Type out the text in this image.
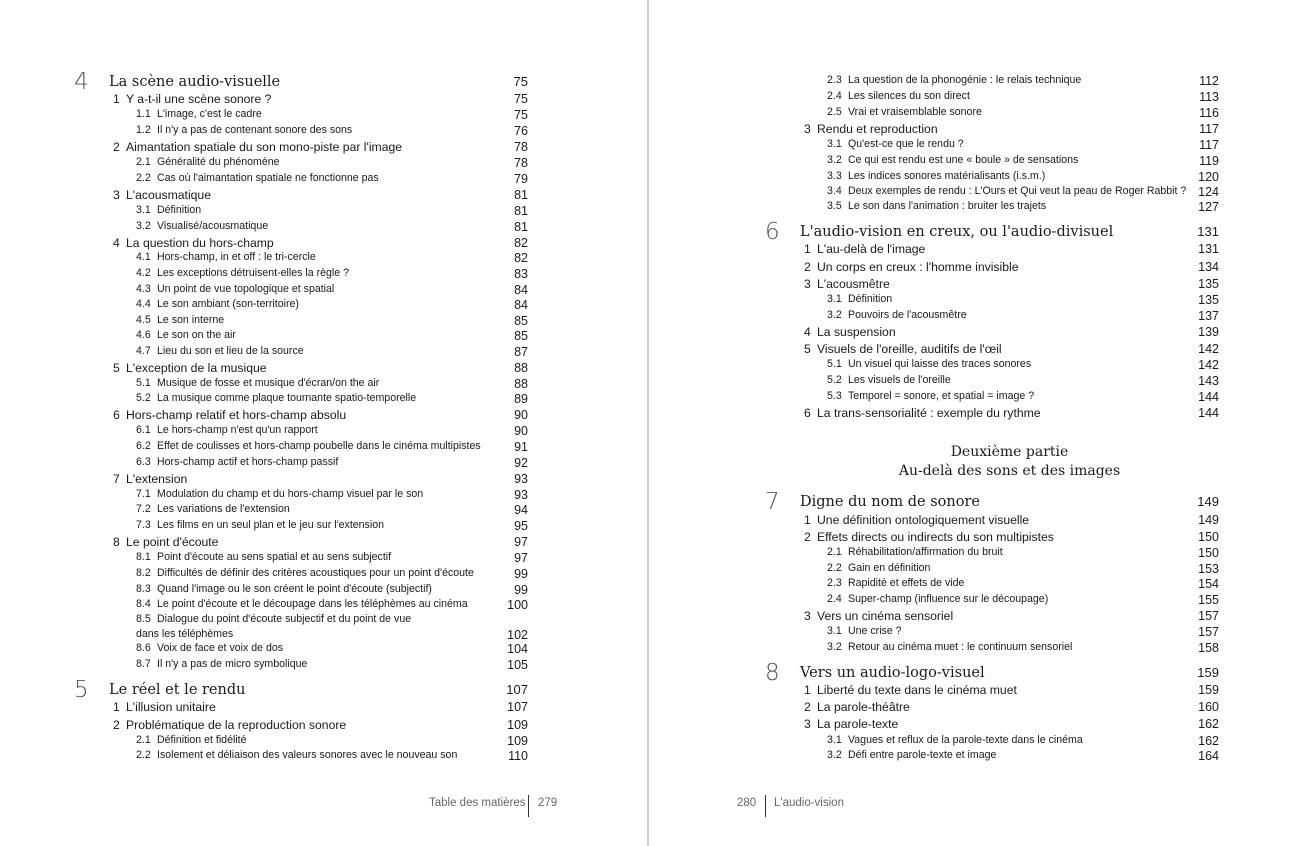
4 La scène audio-visuelle	75
1 Y a-t-il une scène sonore ?	75
1.1 L'image, c'est le cadre	75
1.2 Il n'y a pas de contenant sonore des sons	76
2 Aimantation spatiale du son mono-piste par l'image	78
2.1 Généralité du phénomène	78
2.2 Cas où l'aimantation spatiale ne fonctionne pas	79
3 L'acousmatique	81
3.1 Définition	81
3.2 Visualisé/acousmatique	81
4 La question du hors-champ	82
4.1 Hors-champ, in et off : le tri-cercle	82
4.2 Les exceptions détruisent-elles la règle ?	83
4.3 Un point de vue topologique et spatial	84
4.4 Le son ambiant (son-territoire)	84
4.5 Le son interne	85
4.6 Le son on the air	85
4.7 Lieu du son et lieu de la source	87
5 L'exception de la musique	88
5.1 Musique de fosse et musique d'écran/on the air	88
5.2 La musique comme plaque tournante spatio-temporelle	89
6 Hors-champ relatif et hors-champ absolu	90
6.1 Le hors-champ n'est qu'un rapport	90
6.2 Effet de coulisses et hors-champ poubelle dans le cinéma multipistes	91
6.3 Hors-champ actif et hors-champ passif	92
7 L'extension	93
7.1 Modulation du champ et du hors-champ visuel par le son	93
7.2 Les variations de l'extension	94
7.3 Les films en un seul plan et le jeu sur l'extension	95
8 Le point d'écoute	97
8.1 Point d'écoute au sens spatial et au sens subjectif	97
8.2 Difficultés de définir des critères acoustiques pour un point d'écoute	99
8.3 Quand l'image ou le son créent le point d'écoute (subjectif)	99
8.4 Le point d'écoute et le découpage dans les téléphèmes au cinéma	100
8.5 Dialogue du point d'écoute subjectif et du point de vue
dans les téléphèmes	102
8.6 Voix de face et voix de dos	104
8.7 Il n'y a pas de micro symbolique	105
5 Le réel et le rendu	107
1 L'illusion unitaire	107
2 Problématique de la reproduction sonore	109
2.1 Définition et fidélité	109
2.2 Isolement et déliaison des valeurs sonores avec le nouveau son	110
Table des matières 279
2.3 La question de la phonogénie : le relais technique	112
2.4 Les silences du son direct	113
2.5 Vrai et vraisemblable sonore	116
3 Rendu et reproduction	117
3.1 Qu'est-ce que le rendu ?	117
3.2 Ce qui est rendu est une « boule » de sensations	119
3.3 Les indices sonores matérialisants (i.s.m.)	120
3.4 Deux exemples de rendu : L'Ours et Qui veut la peau de Roger Rabbit ? 124
3.5 Le son dans l'animation : bruiter les trajets	127
6 L'audio-vision en creux, ou l'audio-divisuel	131
1 L'au-delà de l'image	131
2 Un corps en creux : l'homme invisible	134
3 L'acousmêtre	135
3.1 Définition	135
3.2 Pouvoirs de l'acousmêtre	137
4 La suspension	139
5 Visuels de l'oreille, auditifs de l'œil	142
5.1 Un visuel qui laisse des traces sonores	142
5.2 Les visuels de l'oreille	143
5.3 Temporel = sonore, et spatial = image ?	144
6 La trans-sensorialité : exemple du rythme	144
Deuxième partie
Au-delà des sons et des images
7 Digne du nom de sonore	149
1 Une définition ontologiquement visuelle	149
2 Effets directs ou indirects du son multipistes	150
2.1 Réhabilitation/affirmation du bruit	150
2.2 Gain en définition	153
2.3 Rapidité et effets de vide	154
2.4 Super-champ (influence sur le découpage)	155
3 Vers un cinéma sensoriel	157
3.1 Une crise ?	157
3.2 Retour au cinéma muet : le continuum sensoriel	158
8 Vers un audio-logo-visuel	159
1 Liberté du texte dans le cinéma muet	159
2 La parole-théâtre	160
3 La parole-texte	162
3.1 Vagues et reflux de la parole-texte dans le cinéma	162
3.2 Défi entre parole-texte et image	164
280 L'audio-vision
